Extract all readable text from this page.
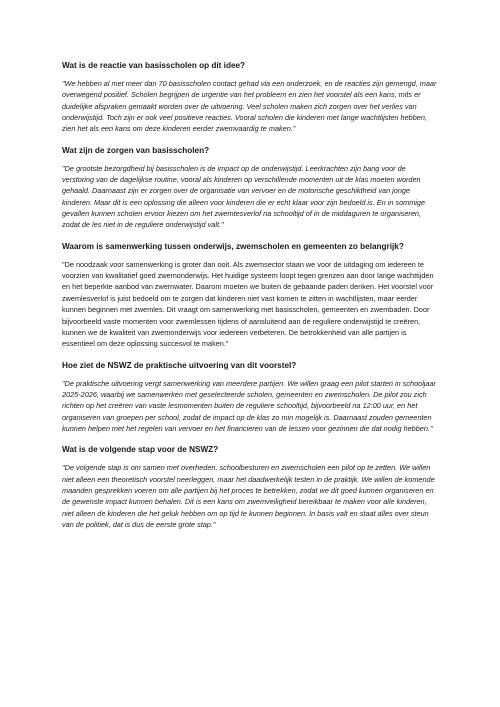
Wat is de reactie van basisscholen op dit idee?

"We hebben al met meer dan 70 basisscholen contact gehad via een onderzoek, en de reacties zijn gemengd, maar overwegend positief. Scholen begrijpen de urgentie van het probleem en zien het voorstel als een kans, mits er duidelijke afspraken gemaakt worden over de uitvoering. Veel scholen maken zich zorgen over het verlies van onderwijstijd. Toch zijn er ook veel positieve reacties. Vooral scholen die kinderen met lange wachtlijsten hebben, zien het als een kans om deze kinderen eerder zwemvaardig te maken."

Wat zijn de zorgen van basisscholen?

"De grootste bezorgdheid bij basisscholen is de impact op de onderwijstijd. Leerkrachten zijn bang voor de verstoring van de dagelijkse routine, vooral als kinderen op verschillende momenten uit de klas moeten worden gehaald. Daarnaast zijn er zorgen over de organisatie van vervoer en de motorische geschiktheid van jonge kinderen. Maar dit is een oplossing die alleen voor kinderen die er echt klaar voor zijn bedoeld is. En in sommige gevallen kunnen scholen ervoor kiezen om het zwemtesverlof na schooltijd of in de middaguren te organiseren, zodat de les niet in de reguliere onderwijstijd valt."

Waarom is samenwerking tussen onderwijs, zwemscholen en gemeenten zo belangrijk?

"De noodzaak voor samenwerking is groter dan ooit. Als zwemsector staan we voor de uitdaging om iedereen te voorzien van kwalitatief goed zwemonderwijs. Het huidige systeem loopt tegen grenzen aan door lange wachttijden en het beperkte aanbod van zwemwater. Daarom moeten we buiten de gebaande paden denken. Het voorstel voor zwemlesverlof is juist bedoeld om te zorgen dat kinderen niet vast komen te zitten in wachtlijsten, maar eerder kunnen beginnen met zwemles. Dit vraagt om samenwerking met basisscholen, gemeenten en zwembaden. Door bijvoorbeeld vaste momenten voor zwemlessen tijdens of aansluitend aan de reguliere onderwijstijd te creëren, kunnen we de kwaliteit van zwemonderwijs voor iedereen verbeteren. De betrokkenheid van alle partijen is essentieel om deze oplossing succesvol te maken."

Hoe ziet de NSWZ de praktische uitvoering van dit voorstel?

"De praktische uitvoering vergt samenwerking van meerdere partijen. We willen graag een pilot starten in schooljaar 2025-2026, waarbij we samenwerken met geselecteerde scholen, gemeenten en zwemscholen. De pilot zou zich richten op het creëren van vaste lesmomenten buiten de reguliere schooltijd, bijvoorbeeld na 12:00 uur, en het organiseren van groepen per school, zodat de impact op de klas zo min mogelijk is. Daarnaast zouden gemeenten kunnen helpen met het regelen van vervoer en het financieren van de lessen voor gezinnen die dat nodig hebben."

Wat is de volgende stap voor de NSWZ?

"De volgende stap is om samen met overheden, schoolbesturen en zwemscholen een pilot op te zetten. We willen niet alleen een theoretisch voorstel neerleggen, maar het daadwerkelijk testen in de praktijk. We willen de komende maanden gesprekken voeren om alle partijen bij het proces te betrekken, zodat we dit goed kunnen organiseren en de gewenste impact kunnen behalen. Dit is een kans om zwemveiligheid bereikbaar te maken voor alle kinderen, niet alleen de kinderen die het geluk hebben om op tijd te kunnen beginnen. In basis valt en staat alles over steun van de politiek, dat is dus de eerste grote stap."
